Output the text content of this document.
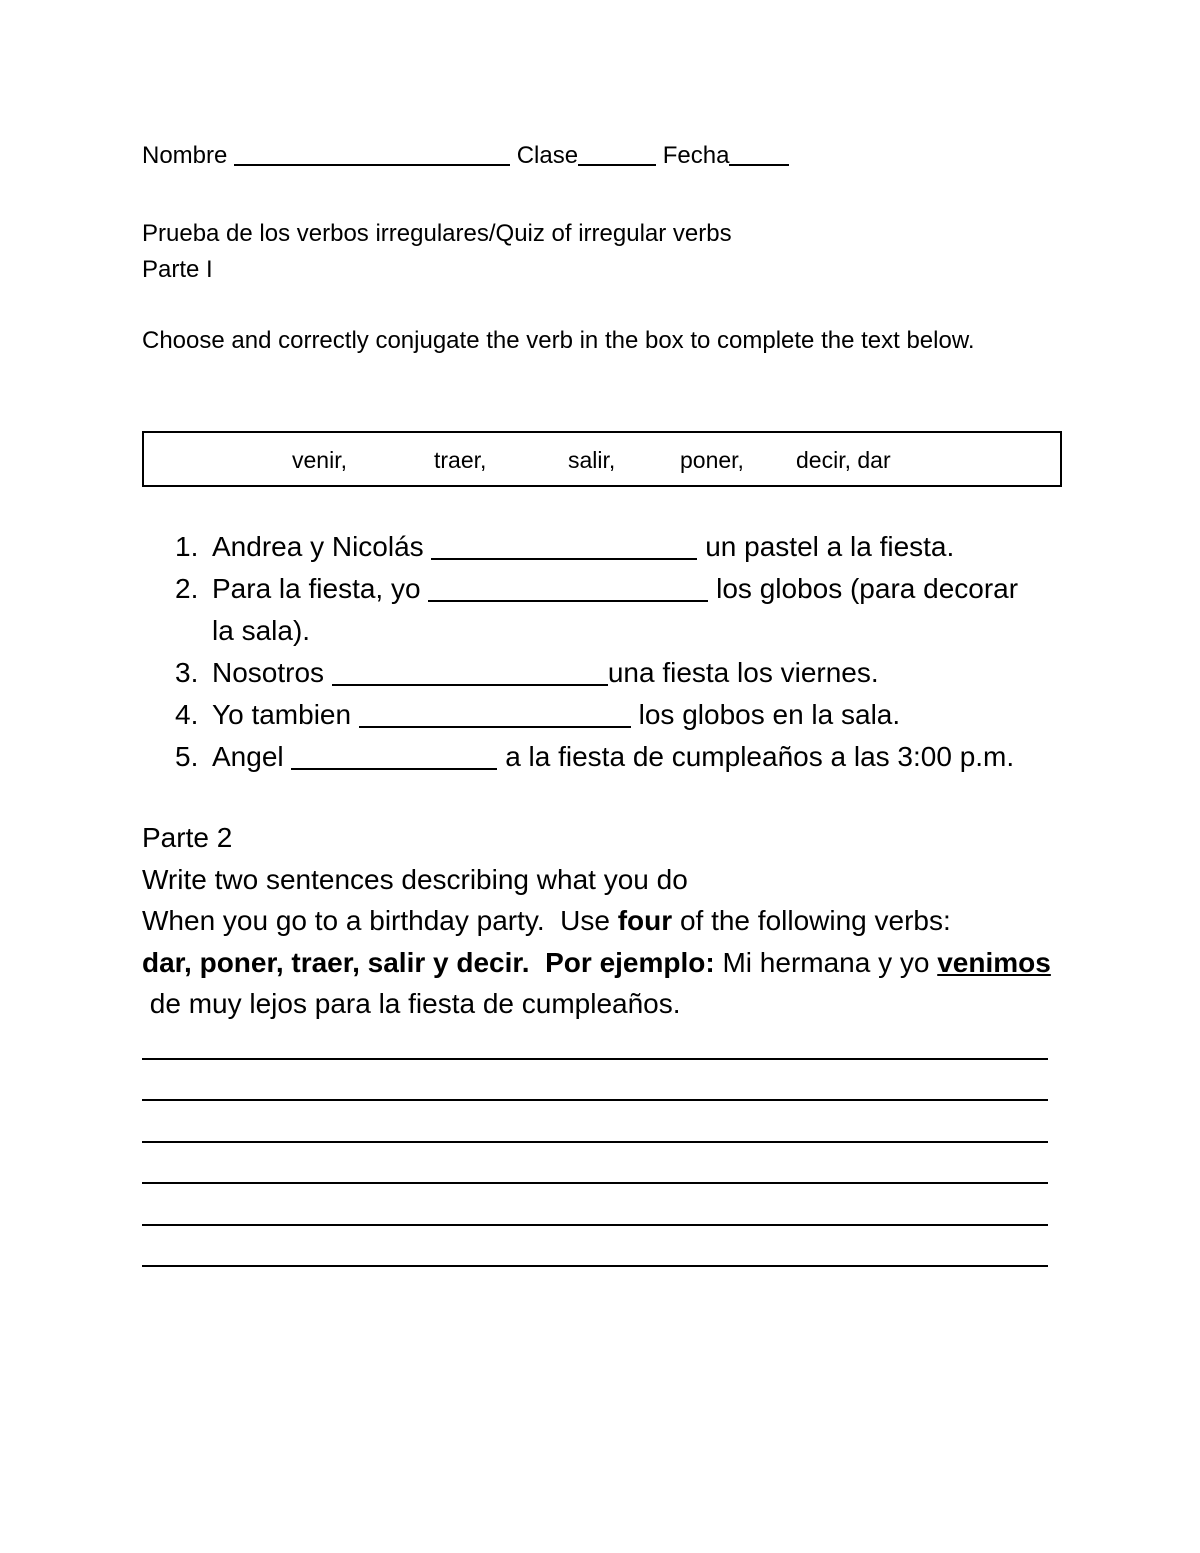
Nombre	Clase	Fecha
Prueba de los verbos irregulares/Quiz of irregular verbs
Parte I
Choose and correctly conjugate the verb in the box to complete the text below.
venir,	traer,	salir,	poner, decir, dar
1. Andrea y Nicolás	un pastel a la fiesta.
2. Para la fiesta, yo	los globos (para decorar la sala).
3. Nosotros	una fiesta los viernes.
4. Yo tambien	los globos en la sala.
5. Angel	a la fiesta de cumpleaños a las 3:00 p.m.
Parte 2
Write two sentences describing what you do
When you go to a birthday party.  Use four of the following verbs:
dar, poner, traer, salir y decir. Por ejemplo: Mi hermana y yo venimos de muy lejos para la fiesta de cumpleaños.
